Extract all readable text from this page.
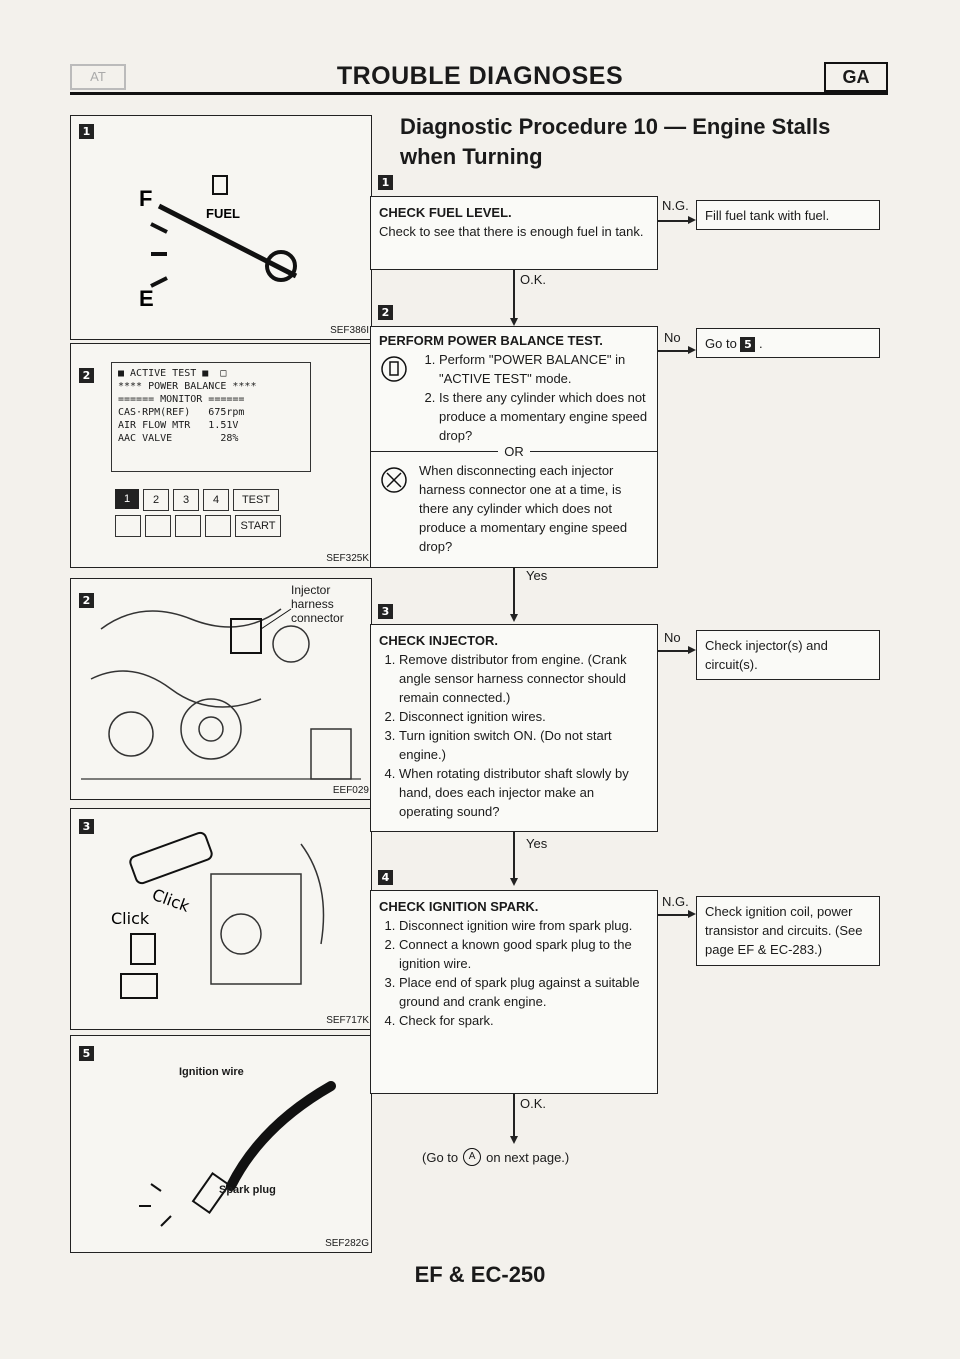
AT	TROUBLE DIAGNOSES	GA
Diagnostic Procedure 10 — Engine Stalls when Turning
1
F
E
FUEL
SEF386I
2	■ ACTIVE TEST ■  □
**** POWER BALANCE ****
====== MONITOR ======
CAS·RPM(REF)   675rpm
AIR FLOW MTR   1.51V
AAC VALVE        28%
1	2	3	4	TEST
START
SEF325K
2
Injector harness connector
EEF029
3
Click
Click
SEF717K
5
Ignition wire
Spark plug
SEF282G
1
CHECK FUEL LEVEL.
Check to see that there is enough fuel in tank.
N.G.
Fill fuel tank with fuel.
O.K.
2
PERFORM POWER BALANCE TEST.
1. Perform "POWER BALANCE" in "ACTIVE TEST" mode.
2. Is there any cylinder which does not produce a momentary engine speed drop?
OR
When disconnecting each injector harness connector one at a time, is there any cylinder which does not produce a momentary engine speed drop?
No	Go to 5 .
Yes
3
CHECK INJECTOR.
1. Remove distributor from engine. (Crank angle sensor harness connector should remain connected.)
2. Disconnect ignition wires.
3. Turn ignition switch ON. (Do not start engine.)
4. When rotating distributor shaft slowly by hand, does each injector make an operating sound?
No
Check injector(s) and circuit(s).
Yes
4
CHECK IGNITION SPARK.
1. Disconnect ignition wire from spark plug.
2. Connect a known good spark plug to the ignition wire.
3. Place end of spark plug against a suitable ground and crank engine.
4. Check for spark.
N.G.
Check ignition coil, power transistor and circuits. (See page EF & EC-283.)
O.K.
(Go to	A on next page.)
EF & EC-250
